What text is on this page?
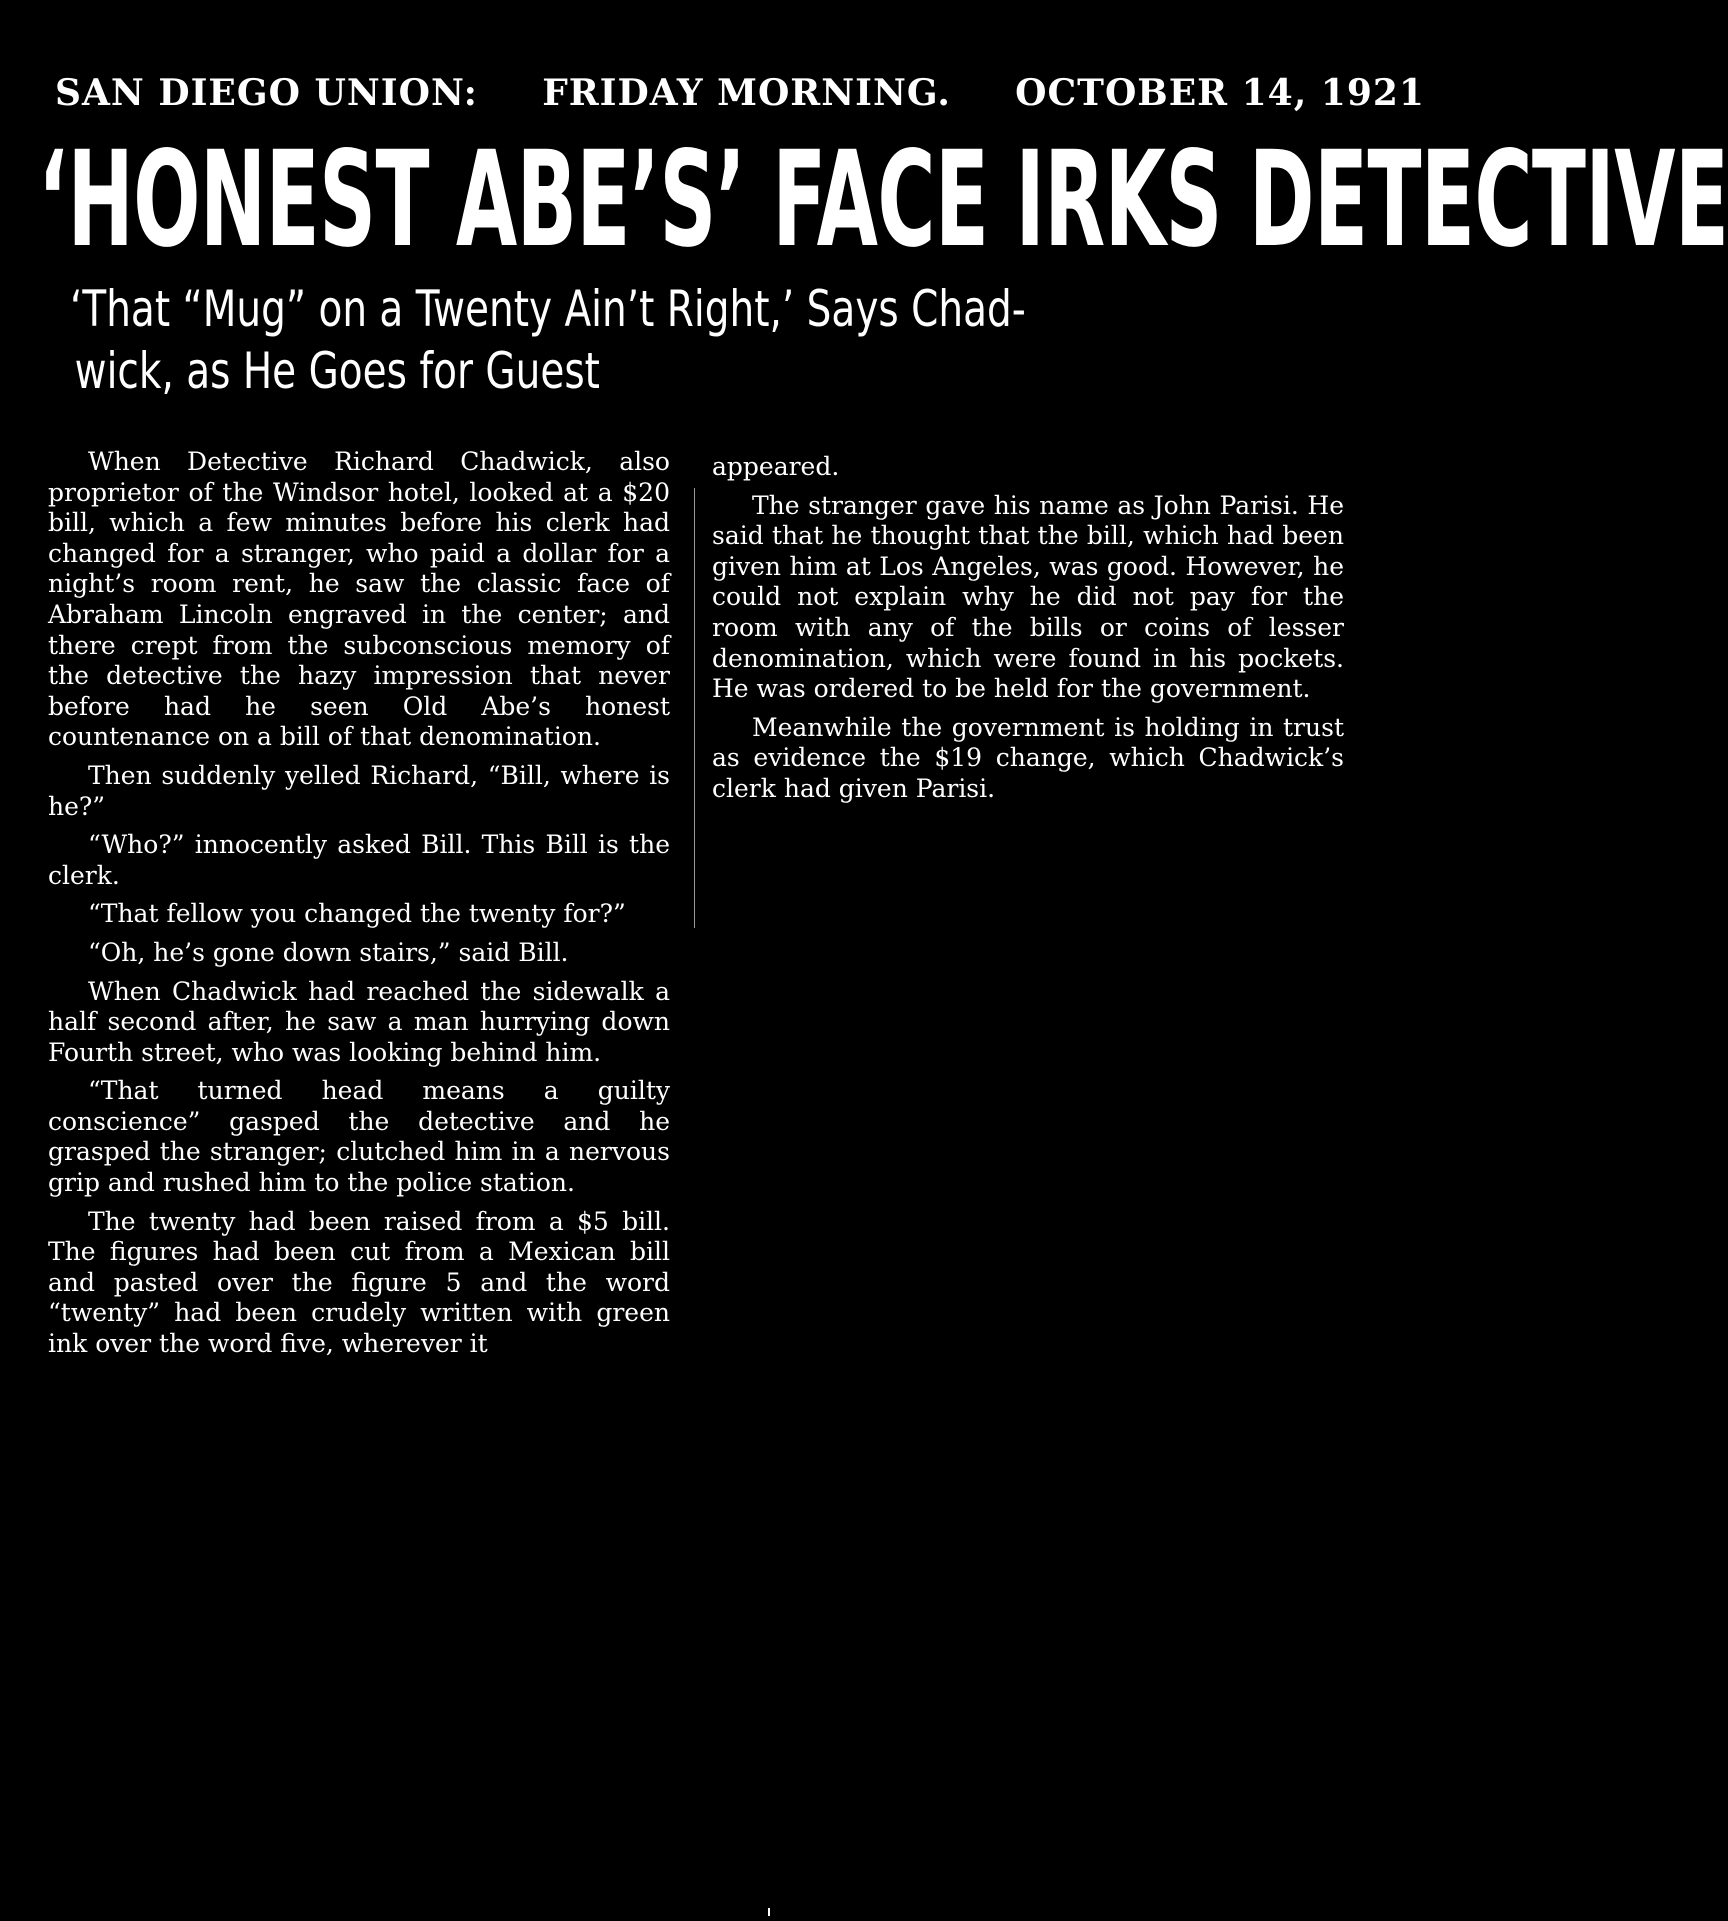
SAN DIEGO UNION: FRIDAY MORNING. OCTOBER 14, 1921
‘HONEST ABE’S’ FACE IRKS DETECTIVE
‘That “Mug” on a Twenty Ain’t Right,’ Says Chad-
wick, as He Goes for Guest

When Detective Richard Chadwick, also proprietor of the Windsor hotel, looked at a $20 bill, which a few minutes before his clerk had changed for a stranger, who paid a dollar for a night’s room rent, he saw the classic face of Abraham Lincoln engraved in the center; and there crept from the subconscious memory of the detective the hazy impression that never before had he seen Old Abe’s honest countenance on a bill of that denomination.

Then suddenly yelled Richard, “Bill, where is he?”

“Who?” innocently asked Bill. This Bill is the clerk.

“That fellow you changed the twenty for?”

“Oh, he’s gone down stairs,” said Bill.

When Chadwick had reached the sidewalk a half second after, he saw a man hurrying down Fourth street, who was looking behind him.

“That turned head means a guilty conscience” gasped the detective and he grasped the stranger; clutched him in a nervous grip and rushed him to the police station.

The twenty had been raised from a $5 bill. The figures had been cut from a Mexican bill and pasted over the figure 5 and the word “twenty” had been crudely written with green ink over the word five, wherever it

appeared.

The stranger gave his name as John Parisi. He said that he thought that the bill, which had been given him at Los Angeles, was good. However, he could not explain why he did not pay for the room with any of the bills or coins of lesser denomination, which were found in his pockets. He was ordered to be held for the government.

Meanwhile the government is holding in trust as evidence the $19 change, which Chadwick’s clerk had given Parisi.
